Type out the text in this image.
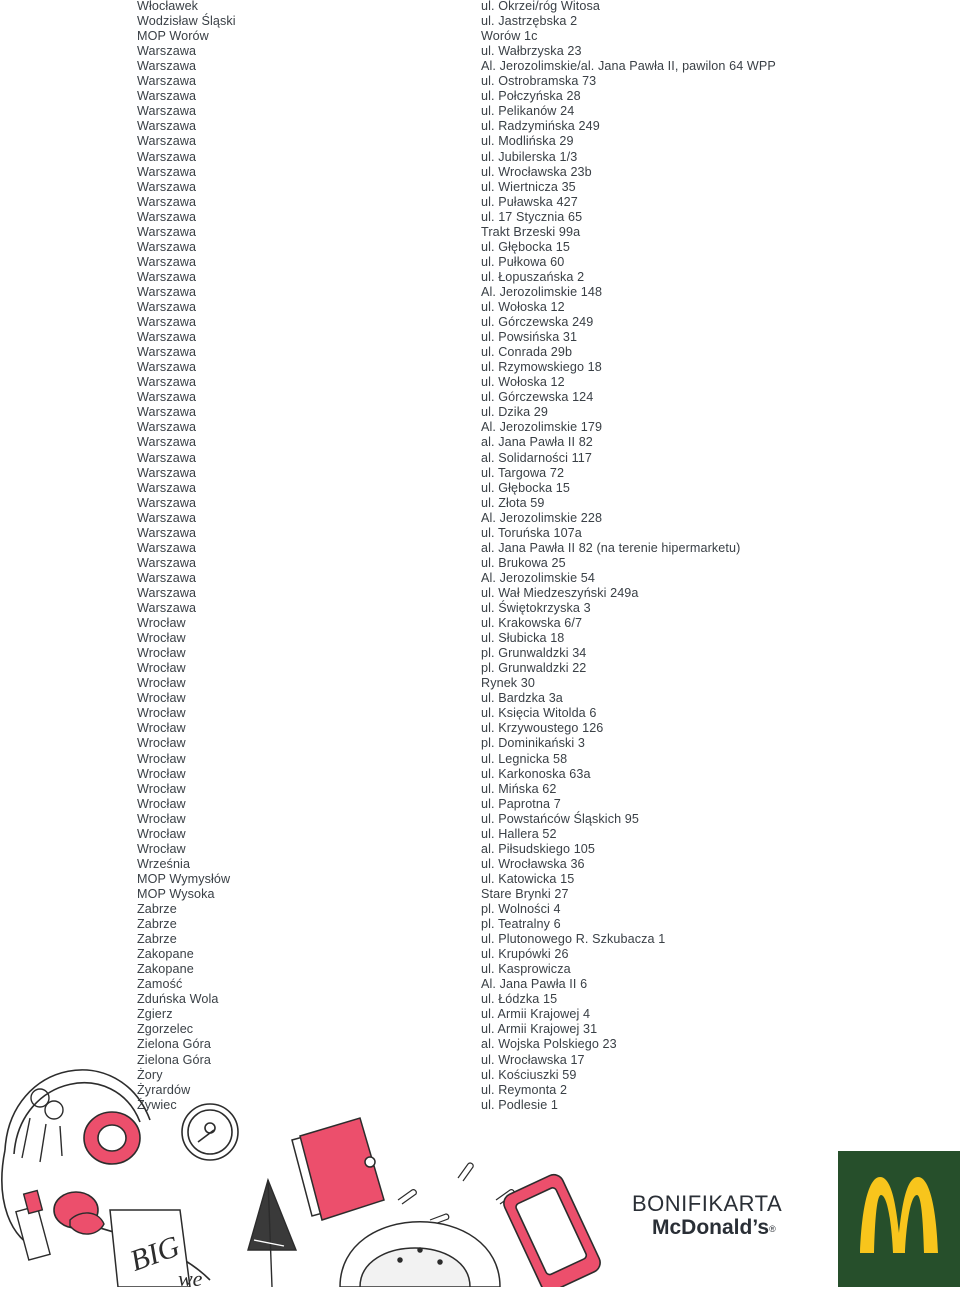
Włocławek	ul. Okrzei/róg Witosa
Wodzisław Śląski	ul. Jastrzębska 2
MOP Worów	Worów 1c
Warszawa	ul. Wałbrzyska 23
Warszawa	Al. Jerozolimskie/al. Jana Pawła II, pawilon 64 WPP
Warszawa	ul. Ostrobramska 73
Warszawa	ul. Połczyńska 28
Warszawa	ul. Pelikanów 24
Warszawa	ul. Radzymińska 249
Warszawa	ul. Modlińska 29
Warszawa	ul. Jubilerska 1/3
Warszawa	ul. Wrocławska 23b
Warszawa	ul. Wiertnicza 35
Warszawa	ul. Puławska 427
Warszawa	ul. 17 Stycznia 65
Warszawa	Trakt Brzeski 99a
Warszawa	ul. Głębocka 15
Warszawa	ul. Pułkowa 60
Warszawa	ul. Łopuszańska 2
Warszawa	Al. Jerozolimskie 148
Warszawa	ul. Wołoska 12
Warszawa	ul. Górczewska 249
Warszawa	ul. Powsińska 31
Warszawa	ul. Conrada 29b
Warszawa	ul. Rzymowskiego 18
Warszawa	ul. Wołoska 12
Warszawa	ul. Górczewska 124
Warszawa	ul. Dzika 29
Warszawa	Al. Jerozolimskie 179
Warszawa	al. Jana Pawła II 82
Warszawa	al. Solidarności 117
Warszawa	ul. Targowa 72
Warszawa	ul. Głębocka 15
Warszawa	ul. Złota 59
Warszawa	Al. Jerozolimskie 228
Warszawa	ul. Toruńska 107a
Warszawa	al. Jana Pawła II 82 (na terenie hipermarketu)
Warszawa	ul. Brukowa 25
Warszawa	Al. Jerozolimskie 54
Warszawa	ul. Wał Miedzeszyński 249a
Warszawa	ul. Świętokrzyska 3
Wrocław	ul. Krakowska 6/7
Wrocław	ul. Słubicka 18
Wrocław	pl. Grunwaldzki 34
Wrocław	pl. Grunwaldzki 22
Wrocław	Rynek 30
Wrocław	ul. Bardzka 3a
Wrocław	ul. Księcia Witolda 6
Wrocław	ul. Krzywoustego 126
Wrocław	pl. Dominikański 3
Wrocław	ul. Legnicka 58
Wrocław	ul. Karkonoska 63a
Wrocław	ul. Mińska 62
Wrocław	ul. Paprotna 7
Wrocław	ul. Powstańców Śląskich 95
Wrocław	ul. Hallera 52
Wrocław	al. Piłsudskiego 105
Września	ul. Wrocławska 36
MOP Wymysłów	ul. Katowicka 15
MOP Wysoka	Stare Brynki 27
Zabrze	pl. Wolności 4
Zabrze	pl. Teatralny 6
Zabrze	ul. Plutonowego R. Szkubacza 1
Zakopane	ul. Krupówki 26
Zakopane	ul. Kasprowicza
Zamość	Al. Jana Pawła II 6
Zduńska Wola	ul. Łódzka 15
Zgierz	ul. Armii Krajowej 4
Zgorzelec	ul. Armii Krajowej 31
Zielona Góra	al. Wojska Polskiego 23
Zielona Góra	ul. Wrocławska 17
Żory	ul. Kościuszki 59
Żyrardów	ul. Reymonta 2
Żywiec	ul. Podlesie 1
BIG
we
BONIFIKARTA
McDonald’s®
